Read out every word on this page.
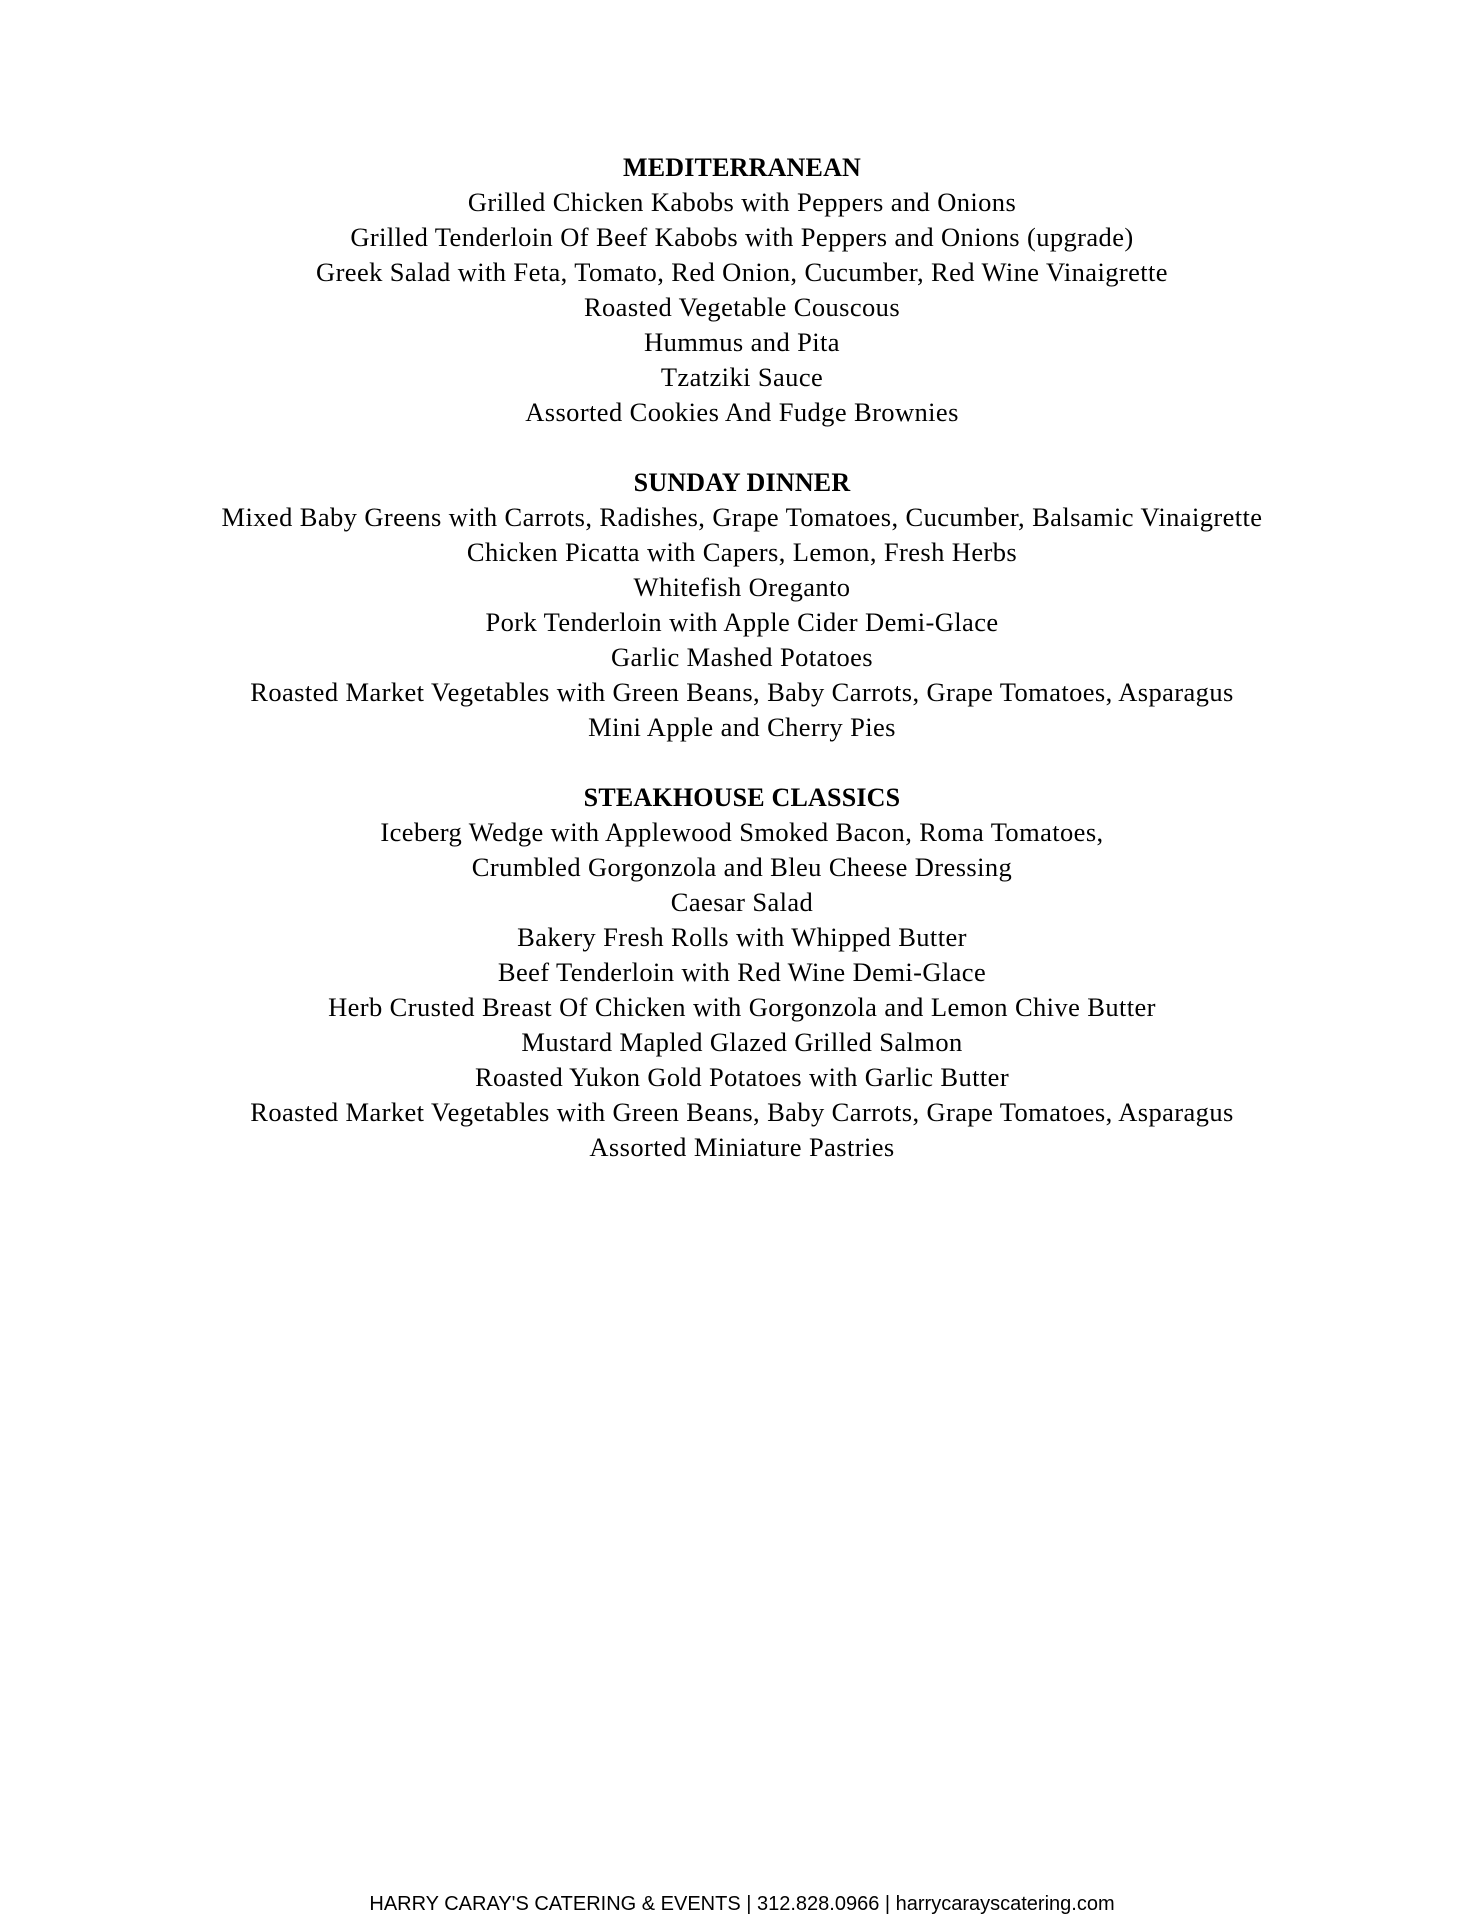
MEDITERRANEAN
Grilled Chicken Kabobs with Peppers and Onions
Grilled Tenderloin Of Beef Kabobs with Peppers and Onions (upgrade)
Greek Salad with Feta, Tomato, Red Onion, Cucumber, Red Wine Vinaigrette
Roasted Vegetable Couscous
Hummus and Pita
Tzatziki Sauce
Assorted Cookies And Fudge Brownies
SUNDAY DINNER
Mixed Baby Greens with Carrots, Radishes, Grape Tomatoes, Cucumber, Balsamic Vinaigrette
Chicken Picatta with Capers, Lemon, Fresh Herbs
Whitefish Oreganto
Pork Tenderloin with Apple Cider Demi-Glace
Garlic Mashed Potatoes
Roasted Market Vegetables with Green Beans, Baby Carrots, Grape Tomatoes, Asparagus
Mini Apple and Cherry Pies
STEAKHOUSE CLASSICS
Iceberg Wedge with Applewood Smoked Bacon, Roma Tomatoes,
Crumbled Gorgonzola and Bleu Cheese Dressing
Caesar Salad
Bakery Fresh Rolls with Whipped Butter
Beef Tenderloin with Red Wine Demi-Glace
Herb Crusted Breast Of Chicken with Gorgonzola and Lemon Chive Butter
Mustard Mapled Glazed Grilled Salmon
Roasted Yukon Gold Potatoes with Garlic Butter
Roasted Market Vegetables with Green Beans, Baby Carrots, Grape Tomatoes, Asparagus
Assorted Miniature Pastries
HARRY CARAY'S CATERING & EVENTS | 312.828.0966 | harrycarayscatering.com
